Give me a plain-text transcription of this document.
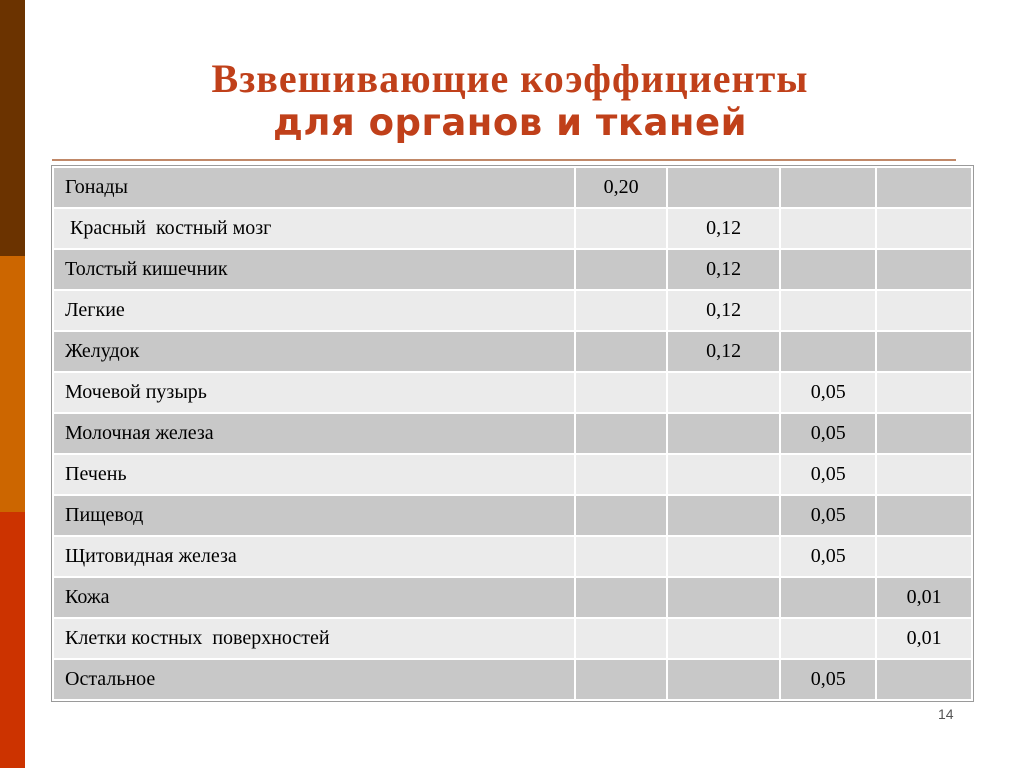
Взвешивающие коэффициенты
для органов и тканей
Гонады	0,20			
Красный  костный мозг		0,12		
Толстый кишечник		0,12		
Легкие		0,12		
Желудок		0,12		
Мочевой пузырь			0,05	
Молочная железа			0,05	
Печень			0,05	
Пищевод			0,05	
Щитовидная железа			0,05	
Кожа				0,01
Клетки костных  поверхностей				0,01
Остальное			0,05	
14
